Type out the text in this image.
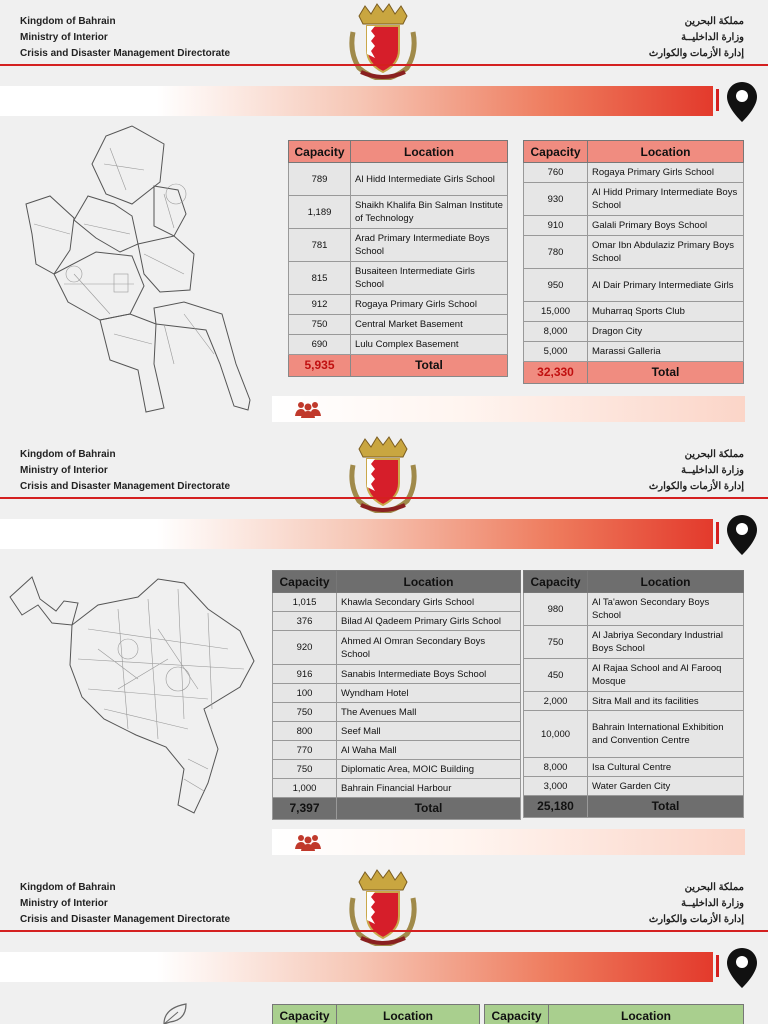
Kingdom of Bahrain
Ministry of Interior
Crisis and Disaster Management Directorate
مملكة البحرين
وزارة الداخليــة
إدارة الأزمات والكوارث
Capacity	Location
789	Al Hidd Intermediate Girls School
1,189	Shaikh Khalifa Bin Salman Institute of Technology
781	Arad Primary Intermediate Boys School
815	Busaiteen Intermediate Girls School
912	Rogaya Primary Girls School
750	Central Market Basement
690	Lulu Complex Basement
5,935	Total
Capacity	Location
760	Rogaya Primary Girls School
930	Al Hidd Primary Intermediate Boys School
910	Galali Primary Boys School
780	Omar Ibn Abdulaziz Primary Boys School
950	Al Dair Primary Intermediate Girls
15,000	Muharraq Sports Club
8,000	Dragon City
5,000	Marassi Galleria
32,330	Total
Kingdom of Bahrain
Ministry of Interior
Crisis and Disaster Management Directorate
مملكة البحرين
وزارة الداخليــة
إدارة الأزمات والكوارث
Capacity	Location
1,015	Khawla Secondary Girls School
376	Bilad Al Qadeem Primary Girls School
920	Ahmed Al Omran Secondary Boys School
916	Sanabis Intermediate Boys School
100	Wyndham Hotel
750	The Avenues Mall
800	Seef Mall
770	Al Waha Mall
750	Diplomatic Area, MOIC Building
1,000	Bahrain Financial Harbour
7,397	Total
Capacity	Location
980	Al Ta'awon Secondary Boys School
750	Al Jabriya Secondary Industrial Boys School
450	Al Rajaa School and Al Farooq Mosque
2,000	Sitra Mall and its facilities
10,000	Bahrain International Exhibition and Convention Centre
8,000	Isa Cultural Centre
3,000	Water Garden City
25,180	Total
Kingdom of Bahrain
Ministry of Interior
Crisis and Disaster Management Directorate
مملكة البحرين
وزارة الداخليــة
إدارة الأزمات والكوارث
Capacity	Location	Capacity	Location
